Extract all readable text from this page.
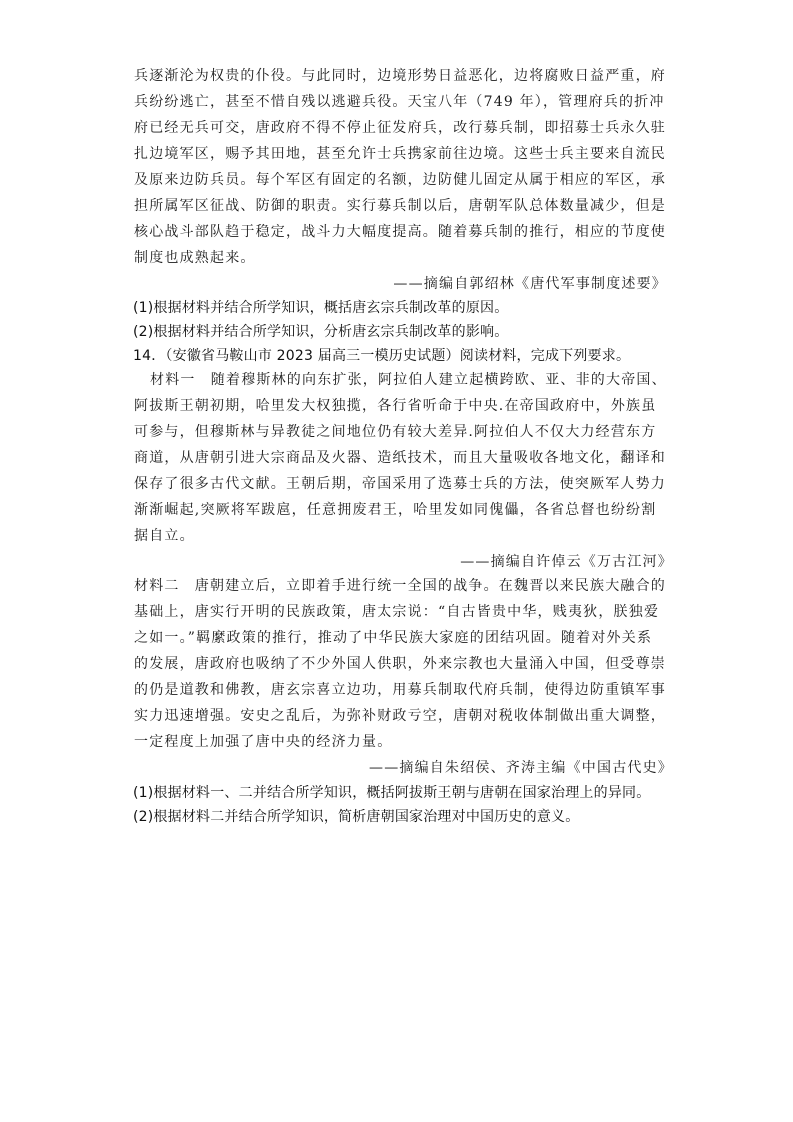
兵逐渐沦为权贵的仆役。与此同时，边境形势日益恶化，边将腐败日益严重，府
兵纷纷逃亡，甚至不惜自残以逃避兵役。天宝八年（749 年），管理府兵的折冲
府已经无兵可交，唐政府不得不停止征发府兵，改行募兵制，即招募士兵永久驻
扎边境军区，赐予其田地，甚至允许士兵携家前往边境。这些士兵主要来自流民
及原来边防兵员。每个军区有固定的名额，边防健儿固定从属于相应的军区，承
担所属军区征战、防御的职责。实行募兵制以后，唐朝军队总体数量减少，但是
核心战斗部队趋于稳定，战斗力大幅度提高。随着募兵制的推行，相应的节度使
制度也成熟起来。
——摘编自郭绍林《唐代军事制度述要》
(1)根据材料并结合所学知识，概括唐玄宗兵制改革的原因。
(2)根据材料并结合所学知识，分析唐玄宗兵制改革的影响。
14．（安徽省马鞍山市 2023 届高三一模历史试题）阅读材料，完成下列要求。
材料一　随着穆斯林的向东扩张，阿拉伯人建立起横跨欧、亚、非的大帝国、
阿拔斯王朝初期，哈里发大权独揽，各行省听命于中央.在帝国政府中，外族虽
可参与，但穆斯林与异教徒之间地位仍有较大差异.阿拉伯人不仅大力经营东方
商道，从唐朝引进大宗商品及火器、造纸技术，而且大量吸收各地文化，翻译和
保存了很多古代文献。王朝后期，帝国采用了选募士兵的方法，使突厥军人势力
渐渐崛起,突厥将军跋扈，任意拥废君王，哈里发如同傀儡，各省总督也纷纷割
据自立。
——摘编自许倬云《万古江河》
材料二　唐朝建立后，立即着手进行统一全国的战争。在魏晋以来民族大融合的
基础上，唐实行开明的民族政策，唐太宗说：“自古皆贵中华，贱夷狄，朕独爱
之如一。”羁縻政策的推行，推动了中华民族大家庭的团结巩固。随着对外关系
的发展，唐政府也吸纳了不少外国人供职，外来宗教也大量涌入中国，但受尊崇
的仍是道教和佛教，唐玄宗喜立边功，用募兵制取代府兵制，使得边防重镇军事
实力迅速增强。安史之乱后，为弥补财政亏空，唐朝对税收体制做出重大调整，
一定程度上加强了唐中央的经济力量。
——摘编自朱绍侯、齐涛主编《中国古代史》
(1)根据材料一、二并结合所学知识，概括阿拔斯王朝与唐朝在国家治理上的异同。
(2)根据材料二并结合所学知识，简析唐朝国家治理对中国历史的意义。
